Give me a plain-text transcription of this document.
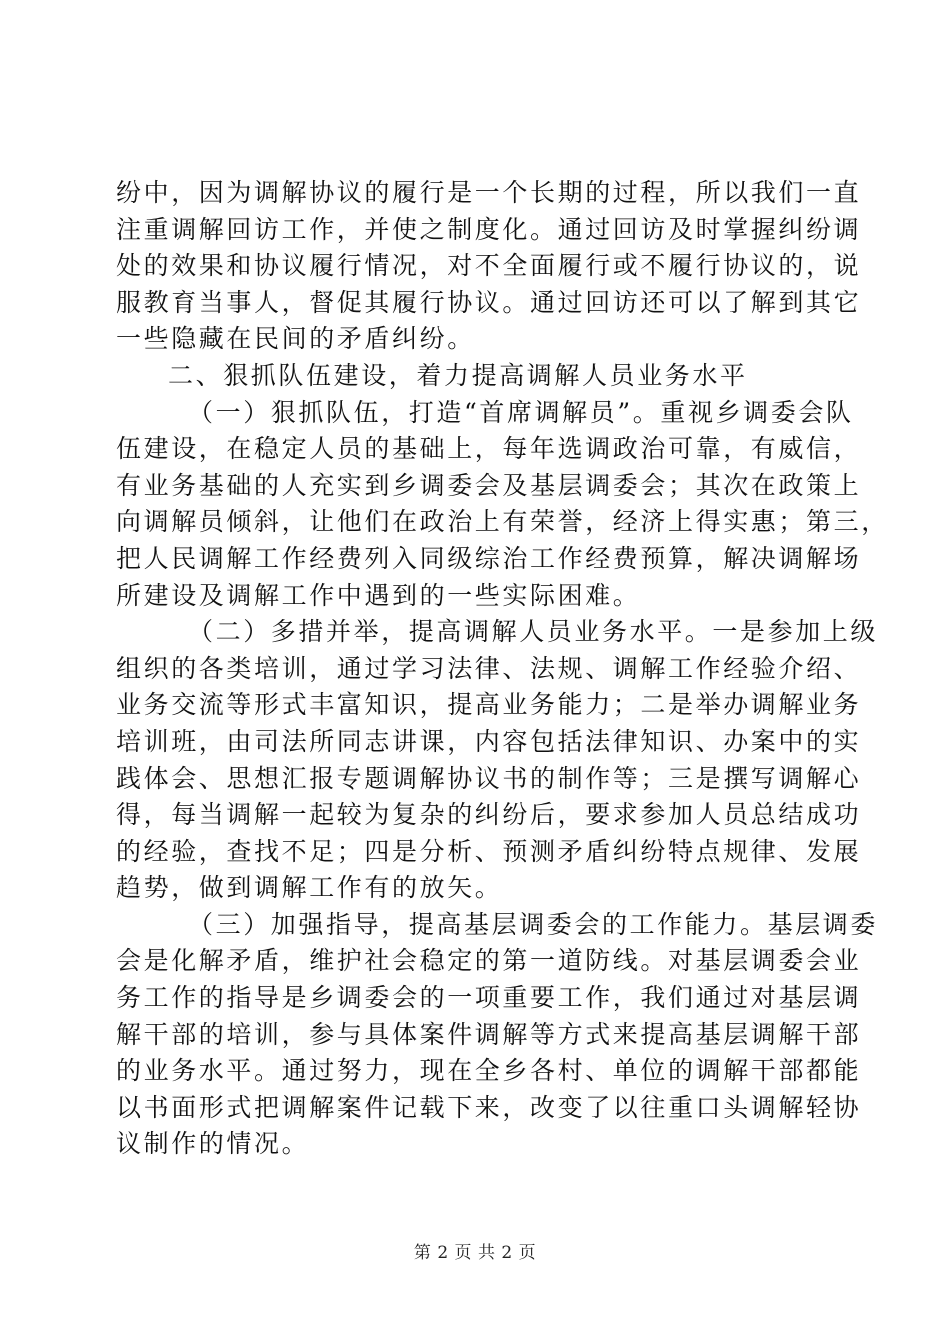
纷中，因为调解协议的履行是一个长期的过程，所以我们一直
注重调解回访工作，并使之制度化。通过回访及时掌握纠纷调
处的效果和协议履行情况，对不全面履行或不履行协议的，说
服教育当事人，督促其履行协议。通过回访还可以了解到其它
一些隐藏在民间的矛盾纠纷。
二、狠抓队伍建设，着力提高调解人员业务水平
（一）狠抓队伍，打造“首席调解员”。重视乡调委会队
伍建设，在稳定人员的基础上，每年选调政治可靠，有威信，
有业务基础的人充实到乡调委会及基层调委会；其次在政策上
向调解员倾斜，让他们在政治上有荣誉，经济上得实惠；第三，
把人民调解工作经费列入同级综治工作经费预算，解决调解场
所建设及调解工作中遇到的一些实际困难。
（二）多措并举，提高调解人员业务水平。一是参加上级
组织的各类培训，通过学习法律、法规、调解工作经验介绍、
业务交流等形式丰富知识，提高业务能力；二是举办调解业务
培训班，由司法所同志讲课，内容包括法律知识、办案中的实
践体会、思想汇报专题调解协议书的制作等；三是撰写调解心
得，每当调解一起较为复杂的纠纷后，要求参加人员总结成功
的经验，查找不足；四是分析、预测矛盾纠纷特点规律、发展
趋势，做到调解工作有的放矢。
（三）加强指导，提高基层调委会的工作能力。基层调委
会是化解矛盾，维护社会稳定的第一道防线。对基层调委会业
务工作的指导是乡调委会的一项重要工作，我们通过对基层调
解干部的培训，参与具体案件调解等方式来提高基层调解干部
的业务水平。通过努力，现在全乡各村、单位的调解干部都能
以书面形式把调解案件记载下来，改变了以往重口头调解轻协
议制作的情况。
第 2 页 共 2 页
